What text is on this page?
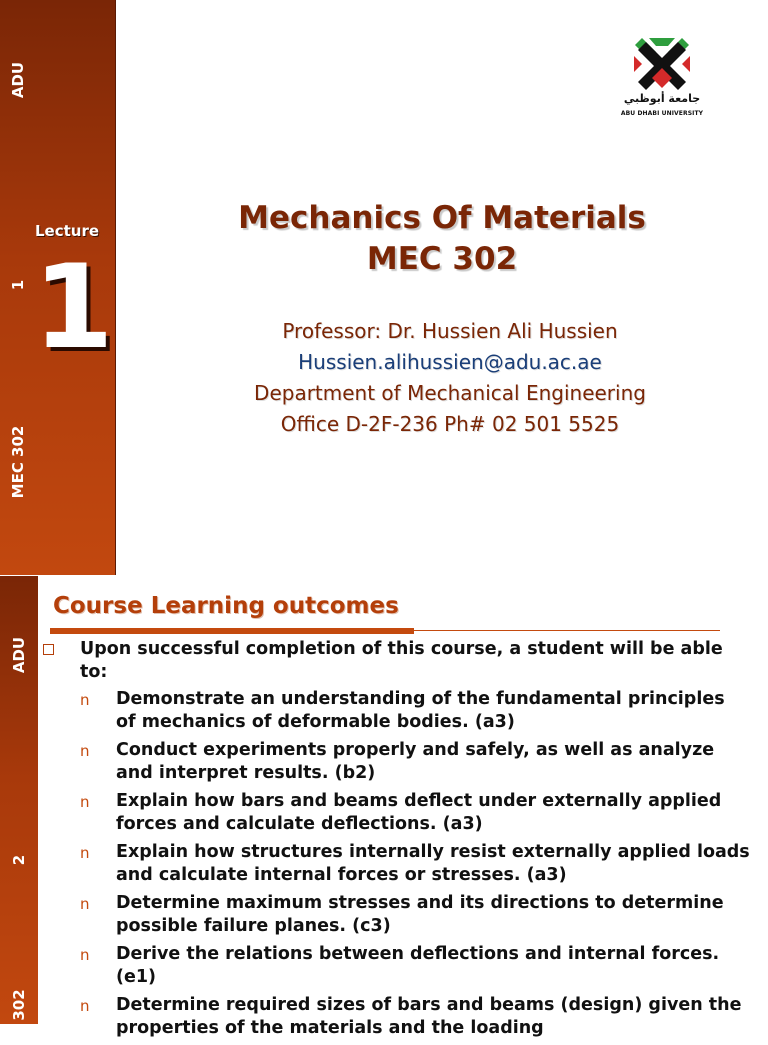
ADU
1
MEC 302
Lecture
1
جامعة أبوظبي
ABU DHABI UNIVERSITY
Mechanics Of Materials
MEC 302
Professor: Dr. Hussien Ali Hussien
Hussien.alihussien@adu.ac.ae
Department of Mechanical Engineering
Office D-2F-236 Ph# 02 501 5525
ADU
2
302
Course Learning outcomes
Upon successful completion of this course, a student will be able to:
n Demonstrate an understanding of the fundamental principles of mechanics of deformable bodies. (a3)
n Conduct experiments properly and safely, as well as analyze and interpret results. (b2)
n Explain how bars and beams deflect under externally applied forces and calculate deflections. (a3)
n Explain how structures internally resist externally applied loads and calculate internal forces or stresses. (a3)
n Determine maximum stresses and its directions to determine possible failure planes. (c3)
n Derive the relations between deflections and internal forces. (e1)
n Determine required sizes of bars and beams (design) given the properties of the materials and the loading
